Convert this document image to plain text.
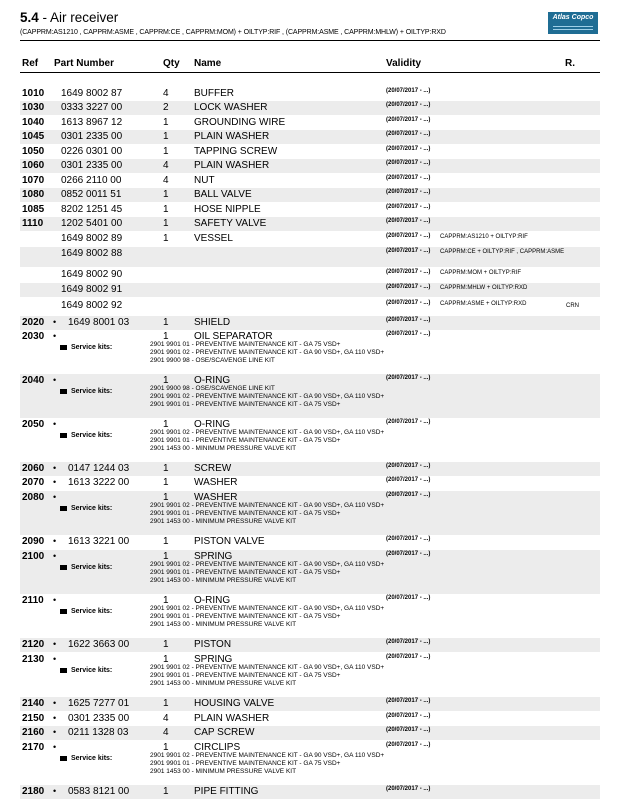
5.4 - Air receiver
(CAPPRM:AS1210 , CAPPRM:ASME , CAPPRM:CE , CAPPRM:MOM) + OILTYP:RIF , (CAPPRM:ASME , CAPPRM:MHLW) + OILTYP:RXD
Atlas Copco
Ref Part Number	Qty Name	Validity	R.
1010 1649 8002 87	4	BUFFER	(20/07/2017 - ...)
1030 0333 3227 00	2	LOCK WASHER	(20/07/2017 - ...)
1040 1613 8967 12	1	GROUNDING WIRE	(20/07/2017 - ...)
1045 0301 2335 00	1	PLAIN WASHER	(20/07/2017 - ...)
1050 0226 0301 00	1	TAPPING SCREW	(20/07/2017 - ...)
1060 0301 2335 00	4	PLAIN WASHER	(20/07/2017 - ...)
1070 0266 2110 00	4	NUT	(20/07/2017 - ...)
1080 0852 0011 51	1	BALL VALVE	(20/07/2017 - ...)
1085 8202 1251 45	1	HOSE NIPPLE	(20/07/2017 - ...)
1110 1202 5401 00	1	SAFETY VALVE	(20/07/2017 - ...)
1649 8002 89	1	VESSEL	(20/07/2017 - ...) CAPPRM:AS1210 + OILTYP:RIF
1649 8002 88	(20/07/2017 - ...) CAPPRM:CE + OILTYP:RIF , CAPPRM:ASME
1649 8002 90	(20/07/2017 - ...) CAPPRM:MOM + OILTYP:RIF
1649 8002 91	(20/07/2017 - ...) CAPPRM:MHLW + OILTYP:RXD
1649 8002 92	(20/07/2017 - ...) CAPPRM:ASME + OILTYP:RXD	CRN
2020 • 1649 8001 03	1	SHIELD	(20/07/2017 - ...)
2030 •	1	OIL SEPARATOR	(20/07/2017 - ...)
Service kits:	2901 9901 01 - PREVENTIVE MAINTENANCE KIT - GA 75 VSD+
2901 9901 02 - PREVENTIVE MAINTENANCE KIT - GA 90 VSD+, GA 110 VSD+
2901 9900 98 - OSE/SCAVENGE LINE KIT
2040 •	1	O-RING	(20/07/2017 - ...)
Service kits:	2901 9900 98 - OSE/SCAVENGE LINE KIT
2901 9901 02 - PREVENTIVE MAINTENANCE KIT - GA 90 VSD+, GA 110 VSD+
2901 9901 01 - PREVENTIVE MAINTENANCE KIT - GA 75 VSD+
2050 •	1	O-RING	(20/07/2017 - ...)
Service kits:	2901 9901 02 - PREVENTIVE MAINTENANCE KIT - GA 90 VSD+, GA 110 VSD+
2901 9901 01 - PREVENTIVE MAINTENANCE KIT - GA 75 VSD+
2901 1453 00 - MINIMUM PRESSURE VALVE KIT
2060 • 0147 1244 03	1	SCREW	(20/07/2017 - ...)
2070 • 1613 3222 00	1	WASHER	(20/07/2017 - ...)
2080 •	1	WASHER	(20/07/2017 - ...)
Service kits:	2901 9901 02 - PREVENTIVE MAINTENANCE KIT - GA 90 VSD+, GA 110 VSD+
2901 9901 01 - PREVENTIVE MAINTENANCE KIT - GA 75 VSD+
2901 1453 00 - MINIMUM PRESSURE VALVE KIT
2090 • 1613 3221 00	1	PISTON VALVE	(20/07/2017 - ...)
2100 •	1	SPRING	(20/07/2017 - ...)
Service kits:	2901 9901 02 - PREVENTIVE MAINTENANCE KIT - GA 90 VSD+, GA 110 VSD+
2901 9901 01 - PREVENTIVE MAINTENANCE KIT - GA 75 VSD+
2901 1453 00 - MINIMUM PRESSURE VALVE KIT
2110 •	1	O-RING	(20/07/2017 - ...)
Service kits:	2901 9901 02 - PREVENTIVE MAINTENANCE KIT - GA 90 VSD+, GA 110 VSD+
2901 9901 01 - PREVENTIVE MAINTENANCE KIT - GA 75 VSD+
2901 1453 00 - MINIMUM PRESSURE VALVE KIT
2120 • 1622 3663 00	1	PISTON	(20/07/2017 - ...)
2130 •	1	SPRING	(20/07/2017 - ...)
Service kits:	2901 9901 02 - PREVENTIVE MAINTENANCE KIT - GA 90 VSD+, GA 110 VSD+
2901 9901 01 - PREVENTIVE MAINTENANCE KIT - GA 75 VSD+
2901 1453 00 - MINIMUM PRESSURE VALVE KIT
2140 • 1625 7277 01	1	HOUSING VALVE	(20/07/2017 - ...)
2150 • 0301 2335 00	4	PLAIN WASHER	(20/07/2017 - ...)
2160 • 0211 1328 03	4	CAP SCREW	(20/07/2017 - ...)
2170 •	1	CIRCLIPS	(20/07/2017 - ...)
Service kits:	2901 9901 02 - PREVENTIVE MAINTENANCE KIT - GA 90 VSD+, GA 110 VSD+
2901 9901 01 - PREVENTIVE MAINTENANCE KIT - GA 75 VSD+
2901 1453 00 - MINIMUM PRESSURE VALVE KIT
2180 • 0583 8121 00	1	PIPE FITTING	(20/07/2017 - ...)
